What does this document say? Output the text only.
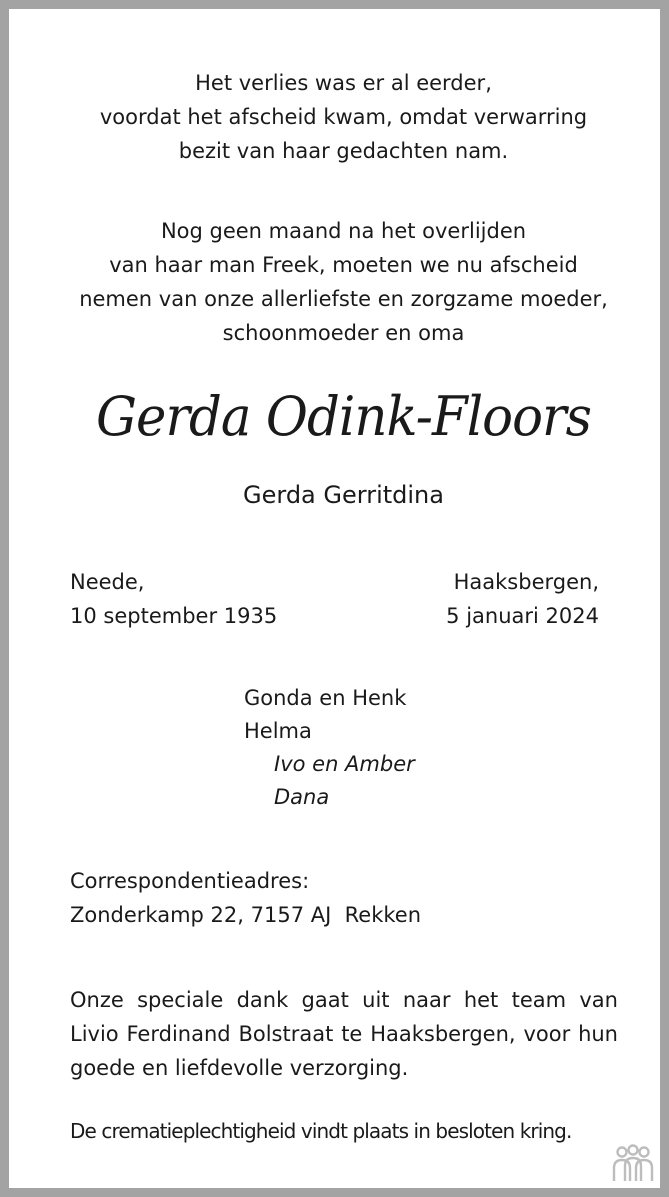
Het verlies was er al eerder,
voordat het afscheid kwam, omdat verwarring
bezit van haar gedachten nam.
Nog geen maand na het overlijden
van haar man Freek, moeten we nu afscheid
nemen van onze allerliefste en zorgzame moeder,
schoonmoeder en oma
Gerda Odink-Floors
Gerda Gerritdina
Neede,
10 september 1935
Haaksbergen,
5 januari 2024
Gonda en Henk
Helma
Ivo en Amber
Dana
Correspondentieadres:
Zonderkamp 22, 7157 AJ  Rekken
Onze speciale dank gaat uit naar het team van
Livio Ferdinand Bolstraat te Haaksbergen, voor hun
goede en liefdevolle verzorging.
De crematieplechtigheid vindt plaats in besloten kring.
